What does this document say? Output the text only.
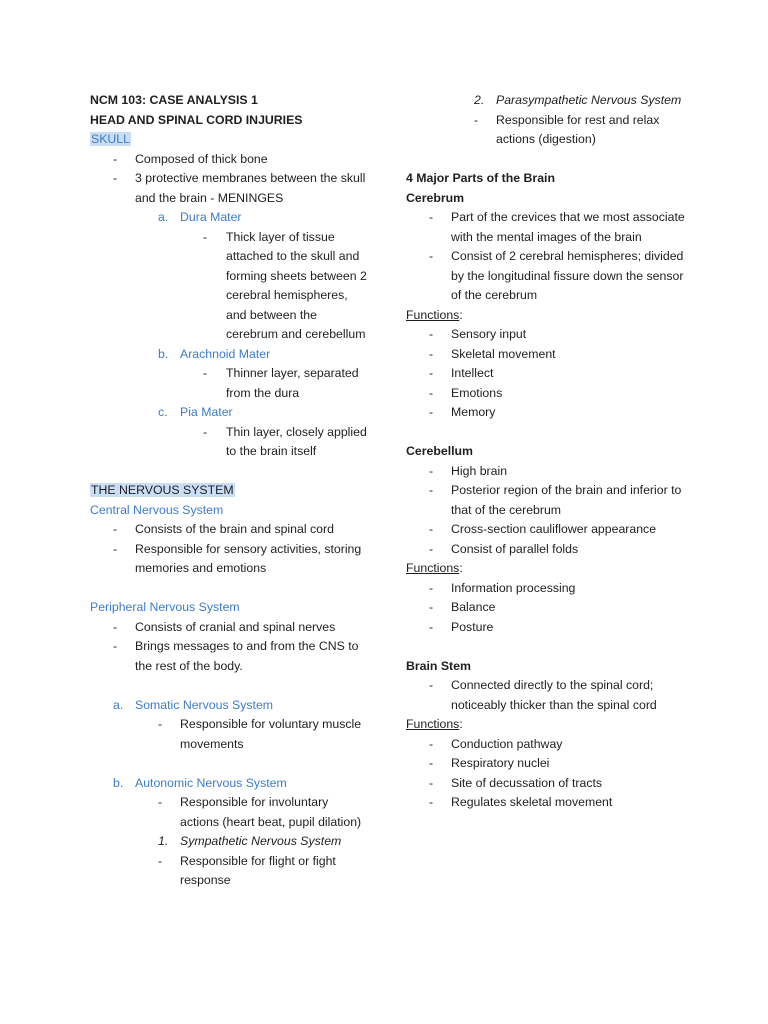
NCM 103: CASE ANALYSIS 1
HEAD AND SPINAL CORD INJURIES
SKULL
- Composed of thick bone
- 3 protective membranes between the skull
and the brain - MENINGES
a. Dura Mater
- Thick layer of tissue
attached to the skull and
forming sheets between 2
cerebral hemispheres,
and between the
cerebrum and cerebellum
b. Arachnoid Mater
- Thinner layer, separated
from the dura
c. Pia Mater
- Thin layer, closely applied
to the brain itself
THE NERVOUS SYSTEM
Central Nervous System
- Consists of the brain and spinal cord
- Responsible for sensory activities, storing
memories and emotions
Peripheral Nervous System
- Consists of cranial and spinal nerves
- Brings messages to and from the CNS to
the rest of the body.
a. Somatic Nervous System
- Responsible for voluntary muscle
movements
b. Autonomic Nervous System
- Responsible for involuntary
actions (heart beat, pupil dilation)
1. Sympathetic Nervous System
- Responsible for flight or fight
response
2. Parasympathetic Nervous System
- Responsible for rest and relax
actions (digestion)
4 Major Parts of the Brain
Cerebrum
- Part of the crevices that we most associate
with the mental images of the brain
- Consist of 2 cerebral hemispheres; divided
by the longitudinal fissure down the sensor
of the cerebrum
Functions:
- Sensory input
- Skeletal movement
- Intellect
- Emotions
- Memory
Cerebellum
- High brain
- Posterior region of the brain and inferior to
that of the cerebrum
- Cross-section cauliflower appearance
- Consist of parallel folds
Functions:
- Information processing
- Balance
- Posture
Brain Stem
- Connected directly to the spinal cord;
noticeably thicker than the spinal cord
Functions:
- Conduction pathway
- Respiratory nuclei
- Site of decussation of tracts
- Regulates skeletal movement
